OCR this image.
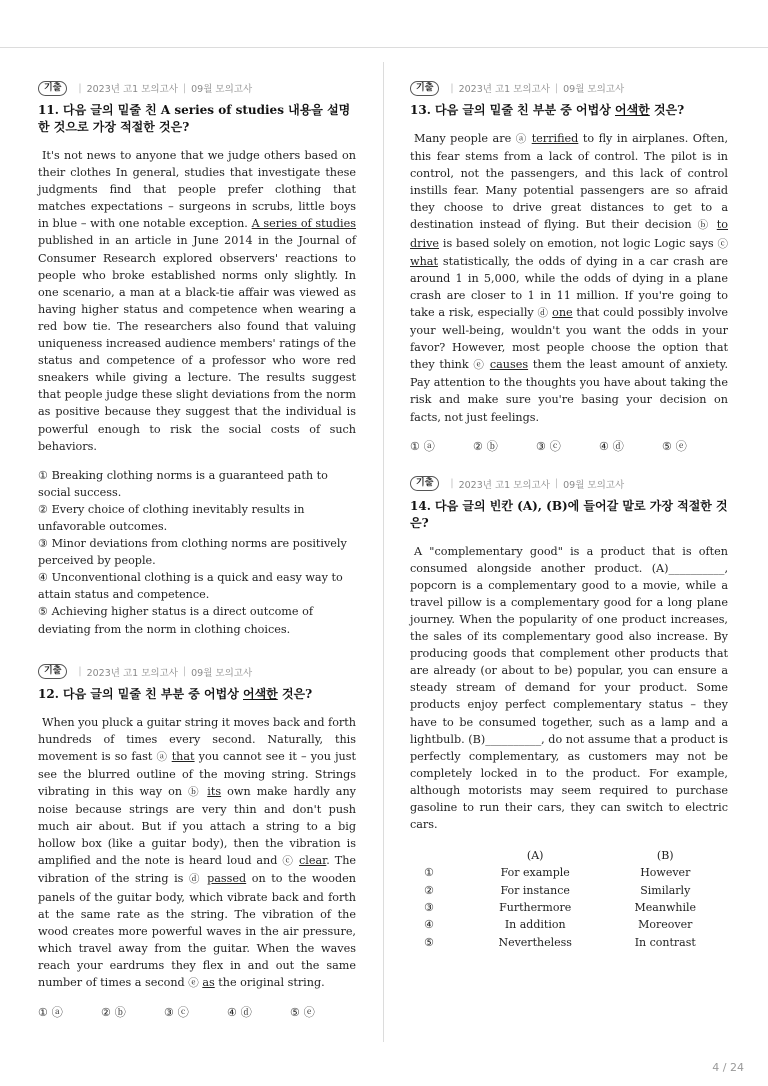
기출	| 2023년 고1 모의고사 | 09월 모의고사
11. 다음 글의 밑줄 친 A series of studies 내용을 설명한 것으로 가장 적절한 것은?
It's not news to anyone that we judge others based on their clothes In general, studies that investigate these judgments find that people prefer clothing that matches expectations – surgeons in scrubs, little boys in blue – with one notable exception. A series of studies published in an article in June 2014 in the Journal of Consumer Research explored observers' reactions to people who broke established norms only slightly. In one scenario, a man at a black-tie affair was viewed as having higher status and competence when wearing a red bow tie. The researchers also found that valuing uniqueness increased audience members' ratings of the status and competence of a professor who wore red sneakers while giving a lecture. The results suggest that people judge these slight deviations from the norm as positive because they suggest that the individual is powerful enough to risk the social costs of such behaviors.
① Breaking clothing norms is a guaranteed path to social success.
② Every choice of clothing inevitably results in unfavorable outcomes.
③ Minor deviations from clothing norms are positively perceived by people.
④ Unconventional clothing is a quick and easy way to attain status and competence.
⑤ Achieving higher status is a direct outcome of deviating from the norm in clothing choices.
기출	| 2023년 고1 모의고사 | 09월 모의고사
12. 다음 글의 밑줄 친 부분 중 어법상 어색한 것은?
When you pluck a guitar string it moves back and forth hundreds of times every second. Naturally, this movement is so fast ⓐ that you cannot see it – you just see the blurred outline of the moving string. Strings vibrating in this way on ⓑ its own make hardly any noise because strings are very thin and don't push much air about. But if you attach a string to a big hollow box (like a guitar body), then the vibration is amplified and the note is heard loud and ⓒ clear. The vibration of the string is ⓓ passed on to the wooden panels of the guitar body, which vibrate back and forth at the same rate as the string. The vibration of the wood creates more powerful waves in the air pressure, which travel away from the guitar. When the waves reach your eardrums they flex in and out the same number of times a second ⓔ as the original string.
① ⓐ	② ⓑ	③ ⓒ	④ ⓓ	⑤ ⓔ
기출	| 2023년 고1 모의고사 | 09월 모의고사
13. 다음 글의 밑줄 친 부분 중 어법상 어색한 것은?
Many people are ⓐ terrified to fly in airplanes. Often, this fear stems from a lack of control. The pilot is in control, not the passengers, and this lack of control instills fear. Many potential passengers are so afraid they choose to drive great distances to get to a destination instead of flying. But their decision ⓑ to drive is based solely on emotion, not logic Logic says ⓒ what statistically, the odds of dying in a car crash are around 1 in 5,000, while the odds of dying in a plane crash are closer to 1 in 11 million. If you're going to take a risk, especially ⓓ one that could possibly involve your well-being, wouldn't you want the odds in your favor? However, most people choose the option that they think ⓔ causes them the least amount of anxiety. Pay attention to the thoughts you have about taking the risk and make sure you're basing your decision on facts, not just feelings.
① ⓐ	② ⓑ	③ ⓒ	④ ⓓ	⑤ ⓔ
기출	| 2023년 고1 모의고사 | 09월 모의고사
14. 다음 글의 빈칸 (A), (B)에 들어갈 말로 가장 적절한 것은?
A "complementary good" is a product that is often consumed alongside another product. (A)__________, popcorn is a complementary good to a movie, while a travel pillow is a complementary good for a long plane journey. When the popularity of one product increases, the sales of its complementary good also increase. By producing goods that complement other products that are already (or about to be) popular, you can ensure a steady stream of demand for your product. Some products enjoy perfect complementary status – they have to be consumed together, such as a lamp and a lightbulb. (B)__________, do not assume that a product is perfectly complementary, as customers may not be completely locked in to the product. For example, although motorists may seem required to purchase gasoline to run their cars, they can switch to electric cars.
(A)	(B)
①	For example	However
②	For instance	Similarly
③	Furthermore	Meanwhile
④	In addition	Moreover
⑤	Nevertheless	In contrast
4 / 24
